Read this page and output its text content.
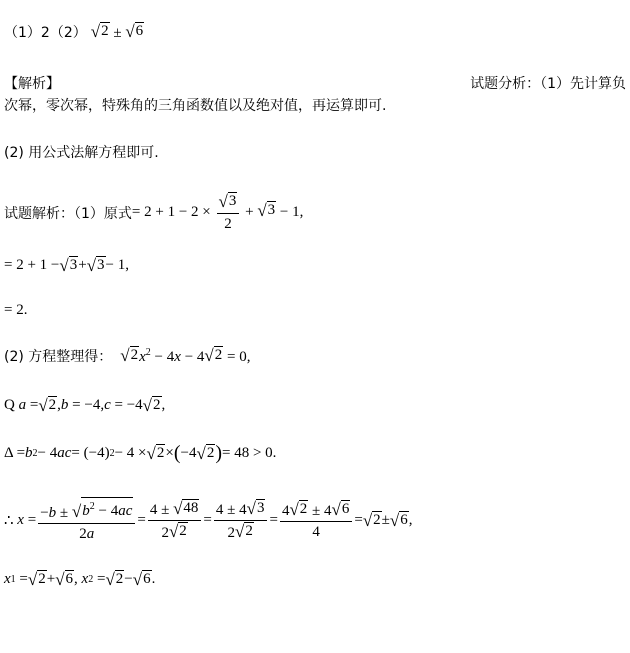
（1）2（2） √ 2 ± √ 6
【解析】	试题分析：（1）先计算负
次幂，零次幂，特殊角的三角函数值以及绝对值，再运算即可.
(2) 用公式法解方程即可.
试题解析：（1）原式 = $2 + 1 - 2 \times \frac{√ 3}{2}$ + √ 3 − 1,
= 2 + 1 − √ 3 + √ 3 − 1,
= 2.
(2) 方程整理得： √ 2 $x^2 - 4x - 4$ √ 2 = 0,
Q a = √ 2 , b = −4, c = −4 √ 2 ,
Δ = b 2 − 4 ac = (−4) 2 − 4 × √ 2 × ( −4 √ 2 ) = 48 > 0.
∴ $x = \frac{-b \pm √ b^2 - 4ac}{2a} = \frac{4 \pm √ 48}{2 √ 2} = \frac{4 \pm 4 √ 3}{2 √ 2} = \frac{4 √ 2 \pm 4 √ 6}{4}$ = √ 2 ± √ 6 ,
x 1 = √ 2 + √ 6 , x 2 = √ 2 − √ 6 .
